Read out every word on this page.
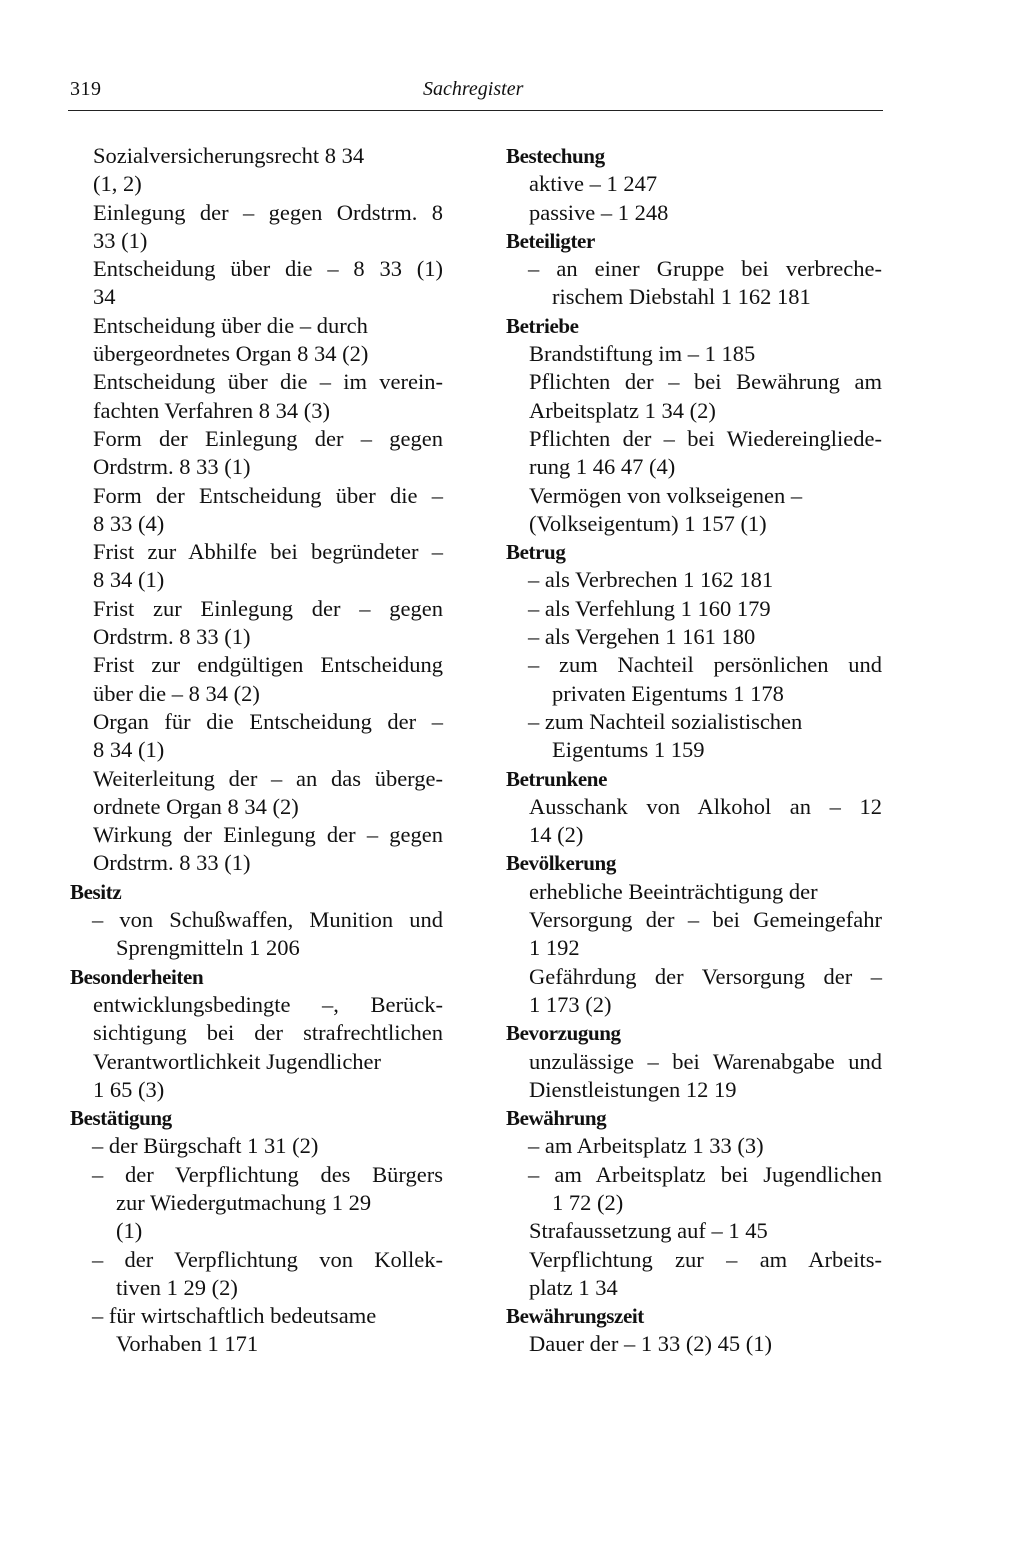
319	Sachregister
Sozialversicherungsrecht 8 34
(1, 2)
Einlegung der – gegen Ordstrm. 8
33 (1)
Entscheidung über die – 8 33 (1)
34
Entscheidung über die – durch
übergeordnetes Organ 8 34 (2)
Entscheidung über die – im verein-
fachten Verfahren 8 34 (3)
Form der Einlegung der – gegen
Ordstrm. 8 33 (1)
Form der Entscheidung über die –
8 33 (4)
Frist zur Abhilfe bei begründeter –
8 34 (1)
Frist zur Einlegung der – gegen
Ordstrm. 8 33 (1)
Frist zur endgültigen Entscheidung
über die – 8 34 (2)
Organ für die Entscheidung der –
8 34 (1)
Weiterleitung der – an das überge-
ordnete Organ 8 34 (2)
Wirkung der Einlegung der – gegen
Ordstrm. 8 33 (1)
Besitz
– von Schußwaffen, Munition und
Sprengmitteln 1 206
Besonderheiten
entwicklungsbedingte –, Berück-
sichtigung bei der strafrechtlichen
Verantwortlichkeit Jugendlicher
1 65 (3)
Bestätigung
– der Bürgschaft 1 31 (2)
– der Verpflichtung des Bürgers
zur Wiedergutmachung 1 29
(1)
– der Verpflichtung von Kollek-
tiven 1 29 (2)
– für wirtschaftlich bedeutsame
Vorhaben 1 171
Bestechung
aktive – 1 247
passive – 1 248
Beteiligter
– an einer Gruppe bei verbreche-
rischem Diebstahl 1 162 181
Betriebe
Brandstiftung im – 1 185
Pflichten der – bei Bewährung am
Arbeitsplatz 1 34 (2)
Pflichten der – bei Wiedereingliede-
rung 1 46 47 (4)
Vermögen von volkseigenen –
(Volkseigentum) 1 157 (1)
Betrug
– als Verbrechen 1 162 181
– als Verfehlung 1 160 179
– als Vergehen 1 161 180
– zum Nachteil persönlichen und
privaten Eigentums 1 178
– zum Nachteil sozialistischen
Eigentums 1 159
Betrunkene
Ausschank von Alkohol an – 12
14 (2)
Bevölkerung
erhebliche Beeinträchtigung der
Versorgung der – bei Gemeingefahr
1 192
Gefährdung der Versorgung der –
1 173 (2)
Bevorzugung
unzulässige – bei Warenabgabe und
Dienstleistungen 12 19
Bewährung
– am Arbeitsplatz 1 33 (3)
– am Arbeitsplatz bei Jugendlichen
1 72 (2)
Strafaussetzung auf – 1 45
Verpflichtung zur – am Arbeits-
platz 1 34
Bewährungszeit
Dauer der – 1 33 (2) 45 (1)
